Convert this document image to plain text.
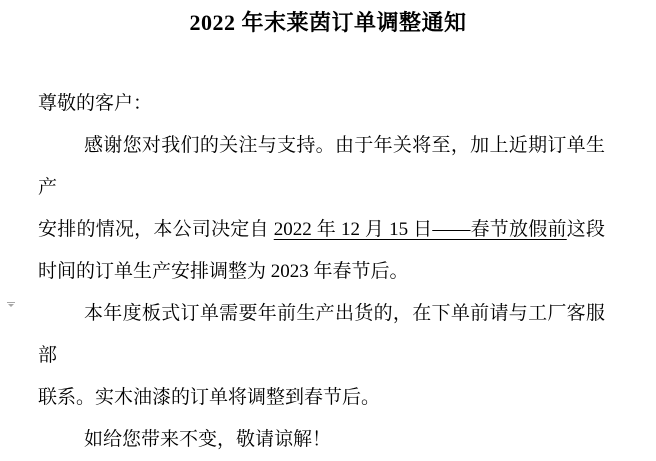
2022 年末莱茵订单调整通知

尊敬的客户：

感谢您对我们的关注与支持。由于年关将至，加上近期订单生产

安排的情况，本公司决定自 2022 年 12 月 15 日——春节放假前这段

时间的订单生产安排调整为 2023 年春节后。

本年度板式订单需要年前生产出货的，在下单前请与工厂客服部

联系。实木油漆的订单将调整到春节后。

如给您带来不变，敬请谅解！
